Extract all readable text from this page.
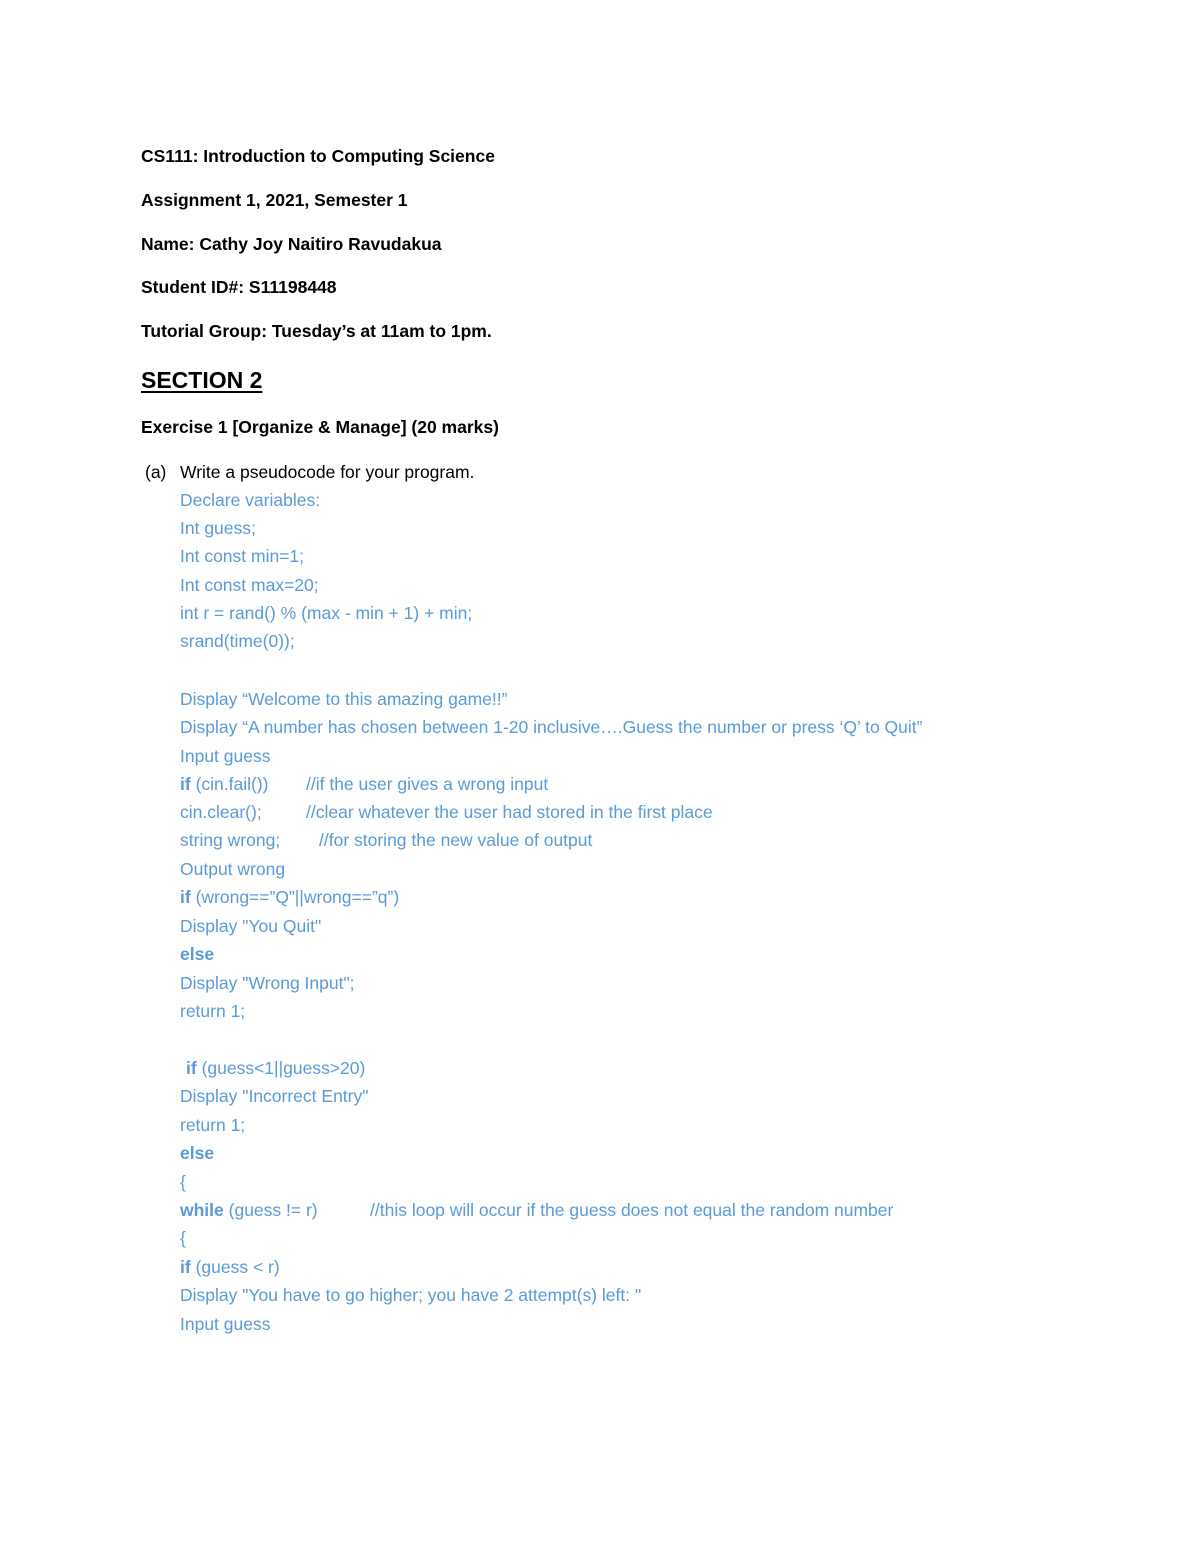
CS111: Introduction to Computing Science
Assignment 1, 2021, Semester 1
Name: Cathy Joy Naitiro Ravudakua
Student ID#: S11198448
Tutorial Group: Tuesday’s at 11am to 1pm.
SECTION 2
Exercise 1 [Organize & Manage] (20 marks)
(a) Write a pseudocode for your program.
Declare variables:
Int guess;
Int const min=1;
Int const max=20;
int r = rand() % (max - min + 1) + min;
srand(time(0));
Display “Welcome to this amazing game!!”
Display “A number has chosen between 1-20 inclusive….Guess the number or press ‘Q’ to Quit”
Input guess
if (cin.fail()) //if the user gives a wrong input
cin.clear();	//clear whatever the user had stored in the first place
string wrong; //for storing the new value of output
Output wrong
if (wrong==”Q”||wrong==”q”)
Display "You Quit"
else
Display "Wrong Input";
return 1;
if (guess<1||guess>20)
Display "Incorrect Entry"
return 1;
else
{
while (guess != r)	//this loop will occur if the guess does not equal the random number
{
if (guess < r)
Display "You have to go higher; you have 2 attempt(s) left: "
Input guess
